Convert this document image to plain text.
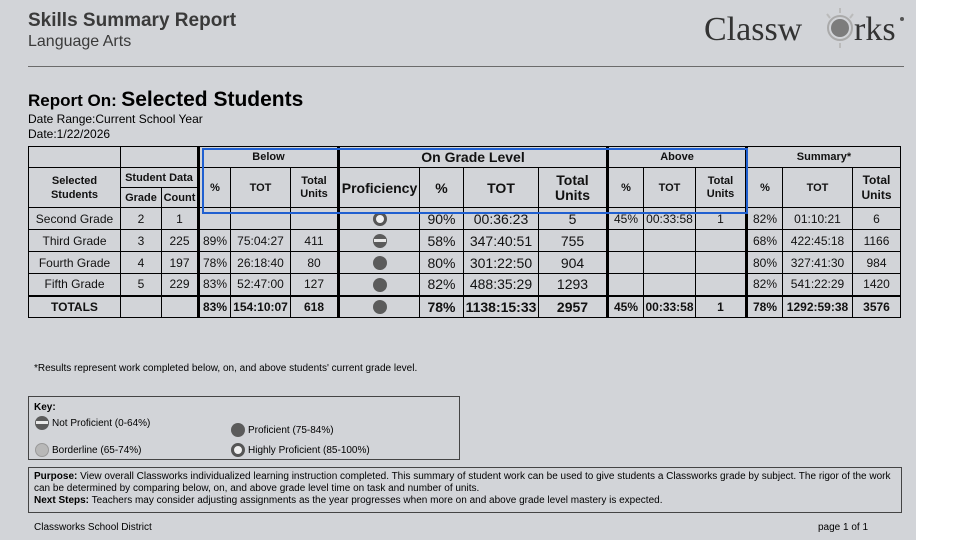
Skills Summary Report
Language Arts	Classw rks
Report On: Selected Students
Date Range:Current School Year
Date:1/22/2026
			Below			On Grade Level				Above			Summary*		
Selected Students	Student Data		%	TOT	Total Units	Proficiency	%	TOT	Total Units	%	TOT	Total Units	%	TOT	Total Units
	Grade	Count													
Second Grade	2	1					90%	00:36:23	5	45%	00:33:58	1	82%	01:10:21	6
Third Grade	3	225	89%	75:04:27	411		58%	347:40:51	755				68%	422:45:18	1166
Fourth Grade	4	197	78%	26:18:40	80		80%	301:22:50	904				80%	327:41:30	984
Fifth Grade	5	229	83%	52:47:00	127		82%	488:35:29	1293				82%	541:22:29	1420
TOTALS			83%	154:10:07	618		78%	1138:15:33	2957	45%	00:33:58	1	78%	1292:59:38	3576
*Results represent work completed below, on, and above students' current grade level.
Key:
Not Proficient (0-64%)
Proficient (75-84%)
Borderline (65-74%)	Highly Proficient (85-100%)
Purpose: View overall Classworks individualized learning instruction completed. This summary of student work can be used to give students a Classworks grade by subject. The rigor of the work can be determined by comparing below, on, and above grade level time on task and number of units.
Next Steps: Teachers may consider adjusting assignments as the year progresses when more on and above grade level mastery is expected.
Classworks School District	page 1 of 1
